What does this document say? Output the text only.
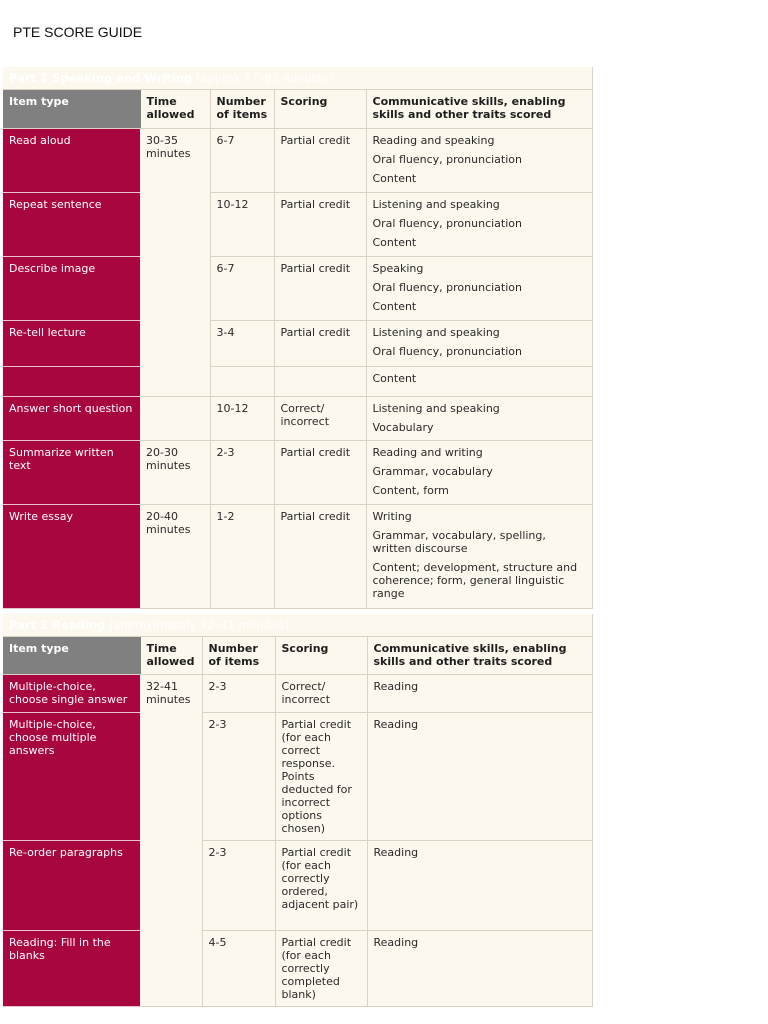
PTE SCORE GUIDE
Part 1 Speaking and Writing (approx 77–93 minutes)				
Item type	Time allowed	Number of items	Scoring	Communicative skills, enabling skills and other traits scored
Read aloud	30-35 minutes	6-7	Partial credit	Reading and speaking
Oral fluency, pronunciation
Content

Repeat sentence		10-12	Partial credit	Listening and speaking
Oral fluency, pronunciation
Content

Describe image		6-7	Partial credit	Speaking
Oral fluency, pronunciation
Content

Re-tell lecture		3-4	Partial credit	Listening and speaking
Oral fluency, pronunciation

				Content

Answer short question		10-12	Correct/ incorrect	Listening and speaking
Vocabulary

Summarize written text	20-30 minutes	2-3	Partial credit	Reading and writing
Grammar, vocabulary
Content, form

Write essay	20-40 minutes	1-2	Partial credit	Writing
Grammar, vocabulary, spelling, written discourse
Content; development, structure and coherence; form, general linguistic range
Part 2 Reading (approximately 32–41 minutes)				
Item type	Time allowed	Number of items	Scoring	Communicative skills, enabling skills and other traits scored
Multiple-choice, choose single answer	32-41 minutes	2-3	Correct/ incorrect	Reading
Multiple-choice, choose multiple answers		2-3	Partial credit (for each correct response. Points deducted for incorrect options chosen)	Reading
Re-order paragraphs		2-3	Partial credit (for each correctly ordered, adjacent pair)	Reading
Reading: Fill in the blanks		4-5	Partial credit (for each correctly completed blank)	Reading
